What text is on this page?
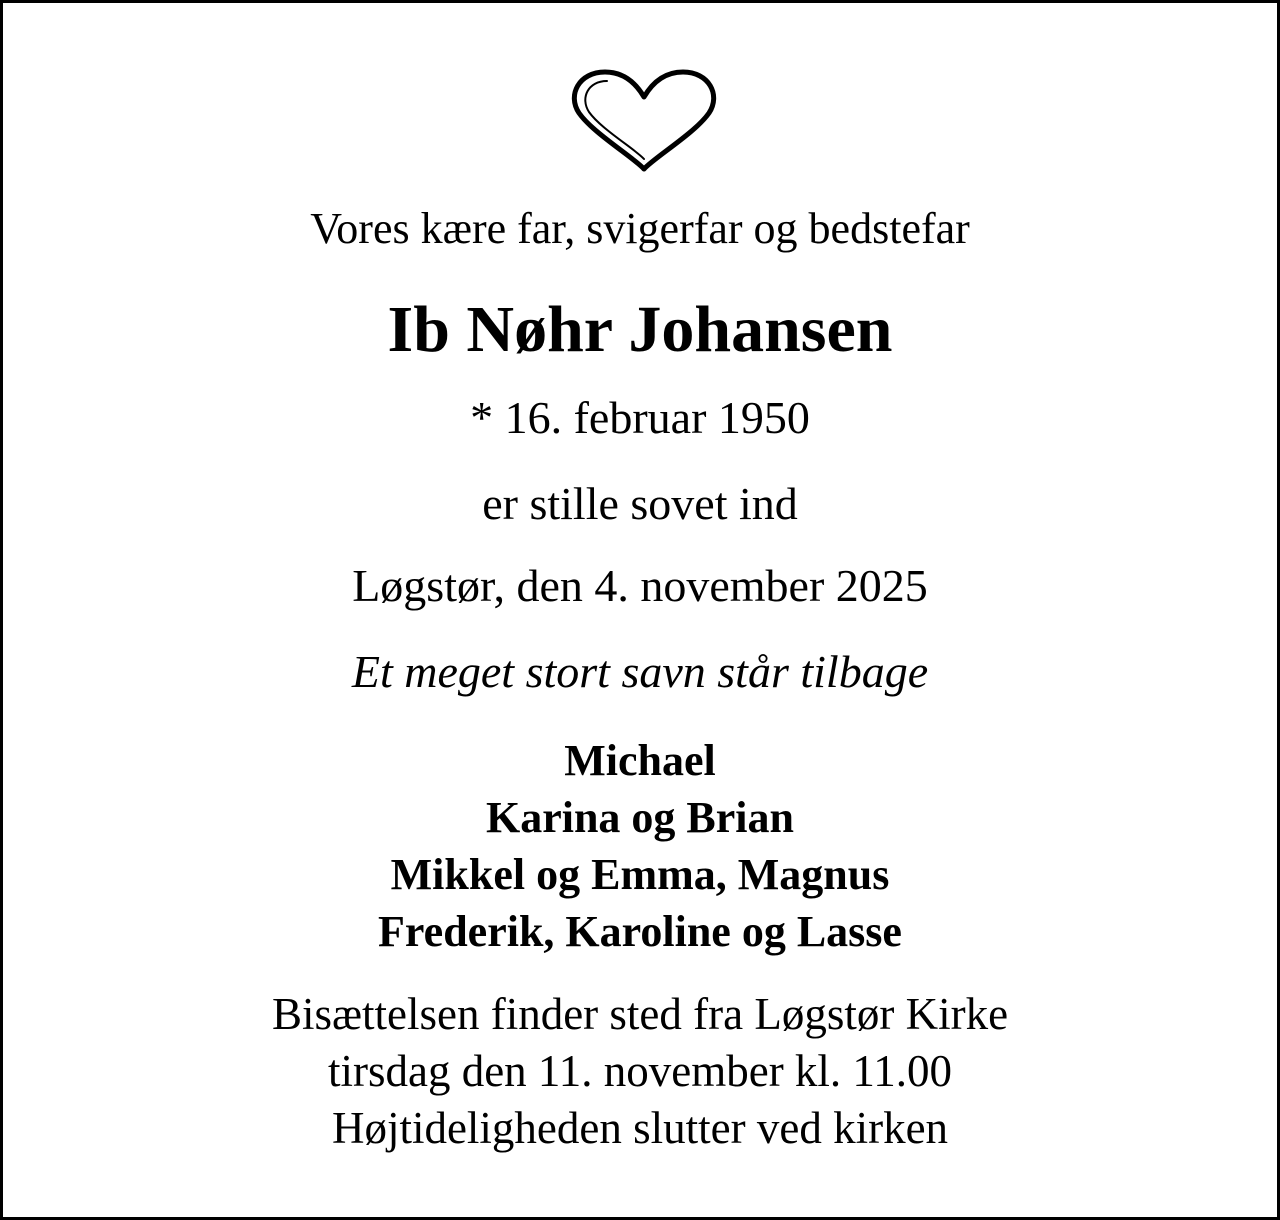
Vores kære far, svigerfar og bedstefar
Ib Nøhr Johansen
* 16. februar 1950
er stille sovet ind
Løgstør, den 4. november 2025
Et meget stort savn står tilbage
Michael
Karina og Brian
Mikkel og Emma, Magnus
Frederik, Karoline og Lasse
Bisættelsen finder sted fra Løgstør Kirke
tirsdag den 11. november kl. 11.00
Højtideligheden slutter ved kirken
